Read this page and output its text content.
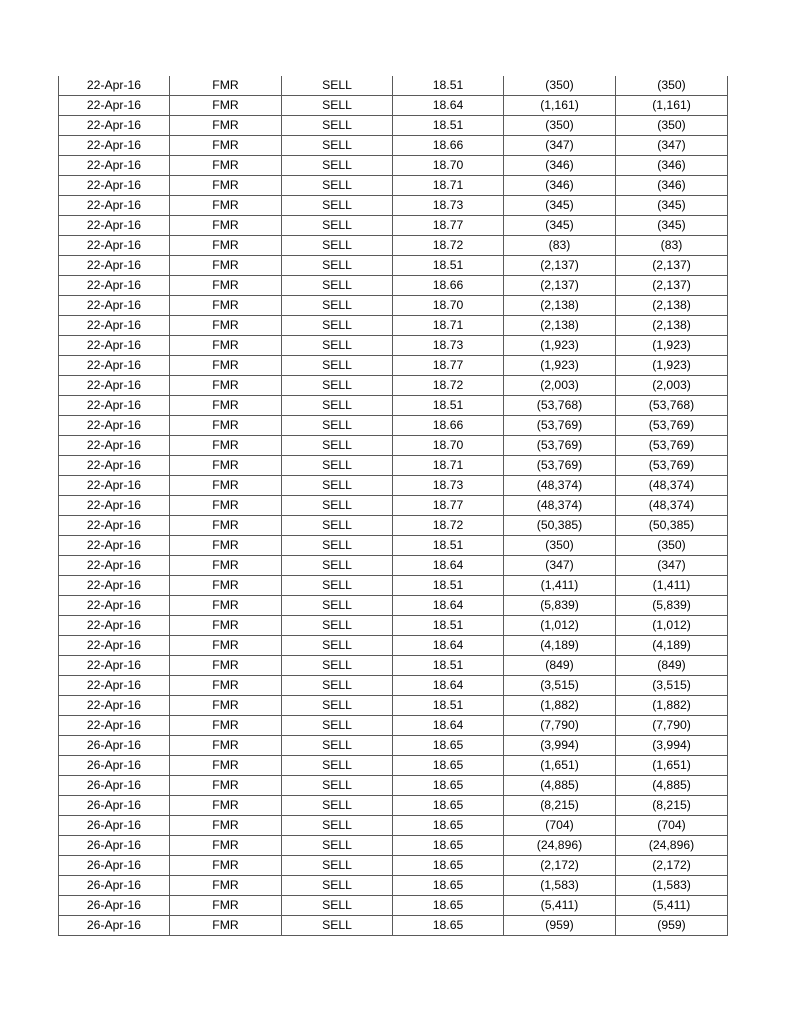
22-Apr-16	FMR	SELL	18.51	(350)	(350)
22-Apr-16	FMR	SELL	18.64	(1,161)	(1,161)
22-Apr-16	FMR	SELL	18.51	(350)	(350)
22-Apr-16	FMR	SELL	18.66	(347)	(347)
22-Apr-16	FMR	SELL	18.70	(346)	(346)
22-Apr-16	FMR	SELL	18.71	(346)	(346)
22-Apr-16	FMR	SELL	18.73	(345)	(345)
22-Apr-16	FMR	SELL	18.77	(345)	(345)
22-Apr-16	FMR	SELL	18.72	(83)	(83)
22-Apr-16	FMR	SELL	18.51	(2,137)	(2,137)
22-Apr-16	FMR	SELL	18.66	(2,137)	(2,137)
22-Apr-16	FMR	SELL	18.70	(2,138)	(2,138)
22-Apr-16	FMR	SELL	18.71	(2,138)	(2,138)
22-Apr-16	FMR	SELL	18.73	(1,923)	(1,923)
22-Apr-16	FMR	SELL	18.77	(1,923)	(1,923)
22-Apr-16	FMR	SELL	18.72	(2,003)	(2,003)
22-Apr-16	FMR	SELL	18.51	(53,768)	(53,768)
22-Apr-16	FMR	SELL	18.66	(53,769)	(53,769)
22-Apr-16	FMR	SELL	18.70	(53,769)	(53,769)
22-Apr-16	FMR	SELL	18.71	(53,769)	(53,769)
22-Apr-16	FMR	SELL	18.73	(48,374)	(48,374)
22-Apr-16	FMR	SELL	18.77	(48,374)	(48,374)
22-Apr-16	FMR	SELL	18.72	(50,385)	(50,385)
22-Apr-16	FMR	SELL	18.51	(350)	(350)
22-Apr-16	FMR	SELL	18.64	(347)	(347)
22-Apr-16	FMR	SELL	18.51	(1,411)	(1,411)
22-Apr-16	FMR	SELL	18.64	(5,839)	(5,839)
22-Apr-16	FMR	SELL	18.51	(1,012)	(1,012)
22-Apr-16	FMR	SELL	18.64	(4,189)	(4,189)
22-Apr-16	FMR	SELL	18.51	(849)	(849)
22-Apr-16	FMR	SELL	18.64	(3,515)	(3,515)
22-Apr-16	FMR	SELL	18.51	(1,882)	(1,882)
22-Apr-16	FMR	SELL	18.64	(7,790)	(7,790)
26-Apr-16	FMR	SELL	18.65	(3,994)	(3,994)
26-Apr-16	FMR	SELL	18.65	(1,651)	(1,651)
26-Apr-16	FMR	SELL	18.65	(4,885)	(4,885)
26-Apr-16	FMR	SELL	18.65	(8,215)	(8,215)
26-Apr-16	FMR	SELL	18.65	(704)	(704)
26-Apr-16	FMR	SELL	18.65	(24,896)	(24,896)
26-Apr-16	FMR	SELL	18.65	(2,172)	(2,172)
26-Apr-16	FMR	SELL	18.65	(1,583)	(1,583)
26-Apr-16	FMR	SELL	18.65	(5,411)	(5,411)
26-Apr-16	FMR	SELL	18.65	(959)	(959)
